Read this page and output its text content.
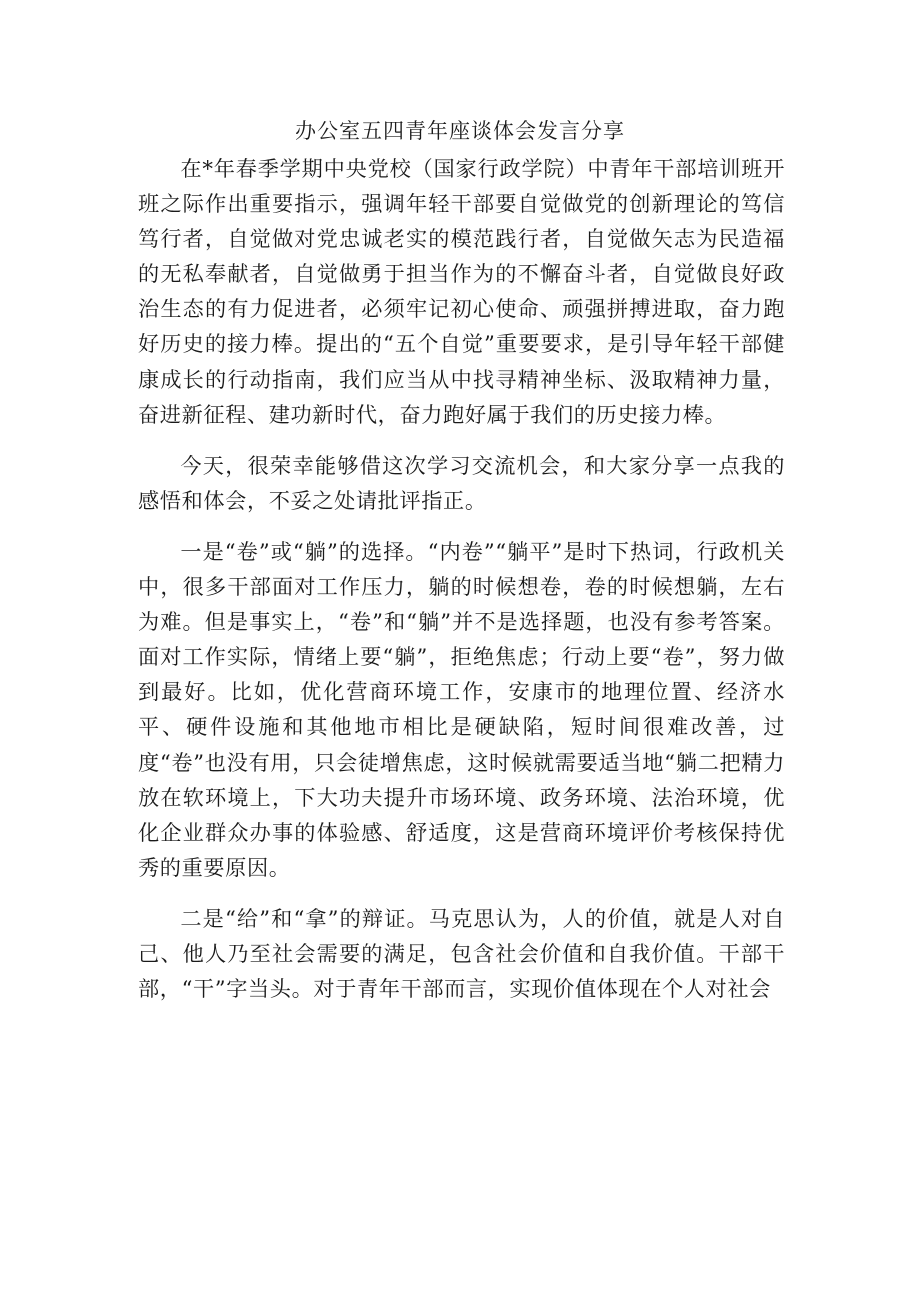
办公室五四青年座谈体会发言分享

在*年春季学期中央党校（国家行政学院）中青年干部培训班开班之际作出重要指示，强调年轻干部要自觉做党的创新理论的笃信笃行者，自觉做对党忠诚老实的模范践行者，自觉做矢志为民造福的无私奉献者，自觉做勇于担当作为的不懈奋斗者，自觉做良好政治生态的有力促进者，必须牢记初心使命、顽强拼搏进取，奋力跑好历史的接力棒。提出的“五个自觉”重要要求，是引导年轻干部健康成长的行动指南，我们应当从中找寻精神坐标、汲取精神力量，奋进新征程、建功新时代，奋力跑好属于我们的历史接力棒。

今天，很荣幸能够借这次学习交流机会，和大家分享一点我的感悟和体会，不妥之处请批评指正。

一是“卷”或“躺”的选择。“内卷”“躺平”是时下热词，行政机关中，很多干部面对工作压力，躺的时候想卷，卷的时候想躺，左右为难。但是事实上，“卷”和“躺”并不是选择题，也没有参考答案。面对工作实际，情绪上要“躺”，拒绝焦虑；行动上要“卷”，努力做到最好。比如，优化营商环境工作，安康市的地理位置、经济水平、硬件设施和其他地市相比是硬缺陷，短时间很难改善，过度“卷”也没有用，只会徒增焦虑，这时候就需要适当地“躺二把精力放在软环境上，下大功夫提升市场环境、政务环境、法治环境，优化企业群众办事的体验感、舒适度，这是营商环境评价考核保持优秀的重要原因。

二是“给”和“拿”的辩证。马克思认为，人的价值，就是人对自己、他人乃至社会需要的满足，包含社会价值和自我价值。干部干部，“干”字当头。对于青年干部而言，实现价值体现在个人对社会
